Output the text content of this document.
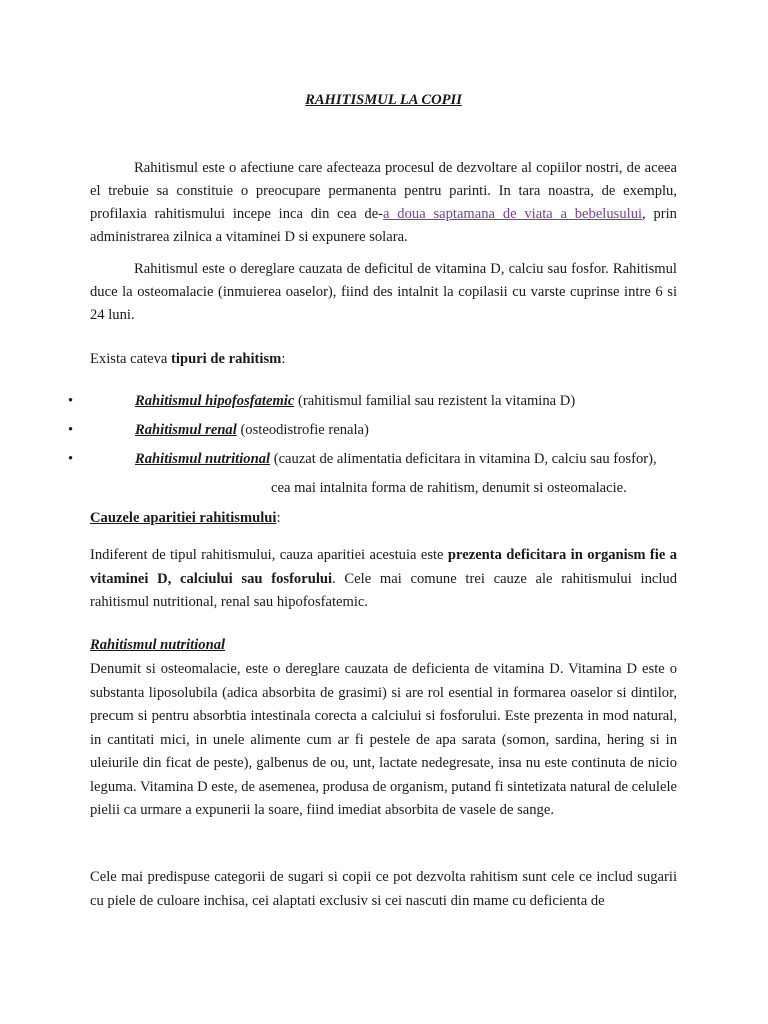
RAHITISMUL LA COPII

Rahitismul este o afectiune care afecteaza procesul de dezvoltare al copiilor nostri, de aceea el trebuie sa constituie o preocupare permanenta pentru parinti. In tara noastra, de exemplu, profilaxia rahitismului incepe inca din cea de-a doua saptamana de viata a bebelusului, prin administrarea zilnica a vitaminei D si expunere solara.

Rahitismul este o dereglare cauzata de deficitul de vitamina D, calciu sau fosfor. Rahitismul duce la osteomalacie (inmuierea oaselor), fiind des intalnit la copilasii cu varste cuprinse intre 6 si 24 luni.

Exista cateva tipuri de rahitism:

•	Rahitismul hipofosfatemic (rahitismul familial sau rezistent la vitamina D)
•	Rahitismul renal (osteodistrofie renala)
•	Rahitismul nutritional (cauzat de alimentatia deficitara in vitamina D, calciu sau fosfor),
cea mai intalnita forma de rahitism, denumit si osteomalacie.
Cauzele aparitiei rahitismului:

Indiferent de tipul rahitismului, cauza aparitiei acestuia este prezenta deficitara in organism fie a vitaminei D, calciului sau fosforului. Cele mai comune trei cauze ale rahitismului includ rahitismul nutritional, renal sau hipofosfatemic.

Rahitismul nutritional

Denumit si osteomalacie, este o dereglare cauzata de deficienta de vitamina D. Vitamina D este o substanta liposolubila (adica absorbita de grasimi) si are rol esential in formarea oaselor si dintilor, precum si pentru absorbtia intestinala corecta a calciului si fosforului. Este prezenta in mod natural, in cantitati mici, in unele alimente cum ar fi pestele de apa sarata (somon, sardina, hering si in uleiurile din ficat de peste), galbenus de ou, unt, lactate nedegresate, insa nu este continuta de nicio leguma. Vitamina D este, de asemenea, produsa de organism, putand fi sintetizata natural de celulele pielii ca urmare a expunerii la soare, fiind imediat absorbita de vasele de sange.

Cele mai predispuse categorii de sugari si copii ce pot dezvolta rahitism sunt cele ce includ sugarii cu piele de culoare inchisa, cei alaptati exclusiv si cei nascuti din mame cu deficienta de
